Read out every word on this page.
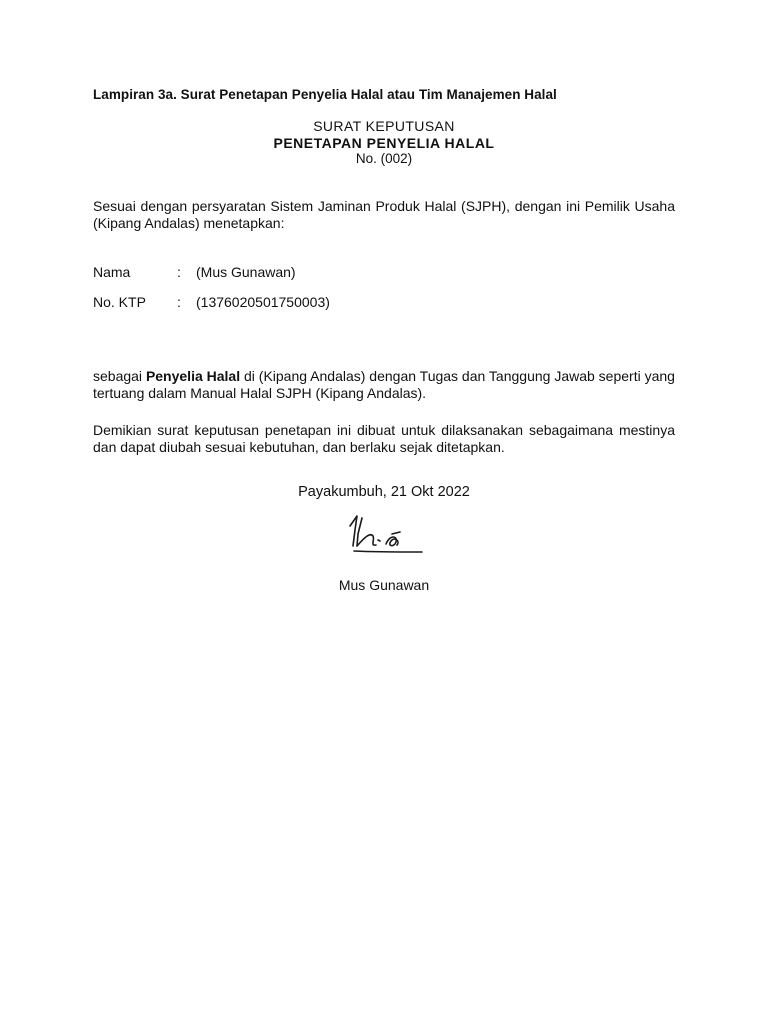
Lampiran 3a. Surat Penetapan Penyelia Halal atau Tim Manajemen Halal
SURAT KEPUTUSAN
PENETAPAN PENYELIA HALAL
No. (002)
Sesuai dengan persyaratan Sistem Jaminan Produk Halal (SJPH), dengan ini Pemilik Usaha (Kipang Andalas) menetapkan:
Nama	: (Mus Gunawan)
No. KTP : (1376020501750003)
sebagai Penyelia Halal di (Kipang Andalas) dengan Tugas dan Tanggung Jawab seperti yang tertuang dalam Manual Halal SJPH (Kipang Andalas).
Demikian surat keputusan penetapan ini dibuat untuk dilaksanakan sebagaimana mestinya dan dapat diubah sesuai kebutuhan, dan berlaku sejak ditetapkan.
Payakumbuh, 21 Okt 2022
Mus Gunawan
